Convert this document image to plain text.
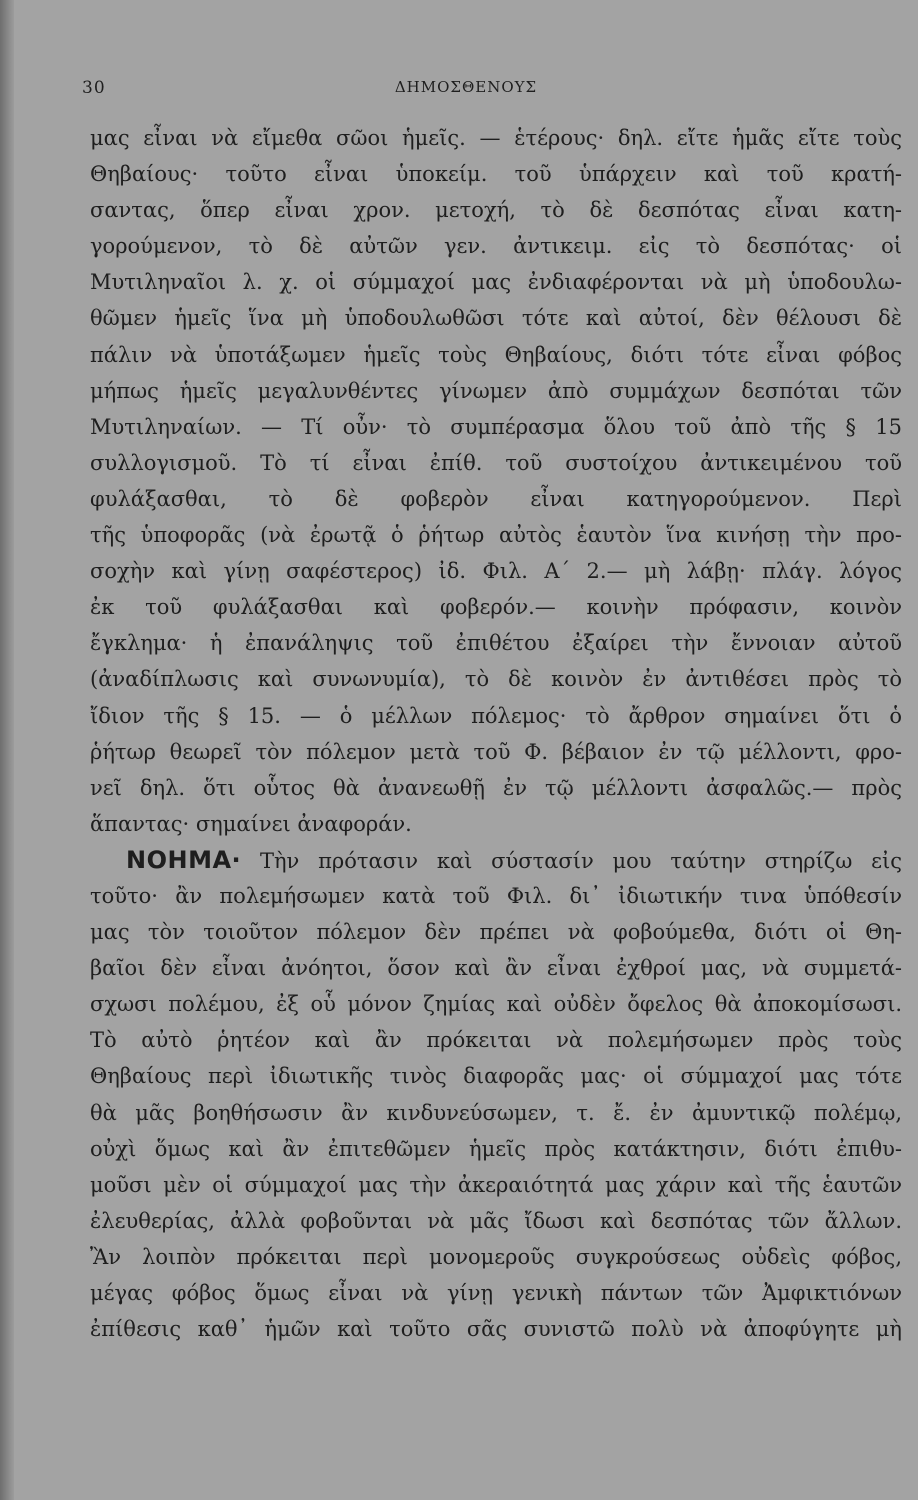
30	ΔΗΜΟΣΘΕΝΟΥΣ
μας εἶναι νὰ εἴμεθα σῶοι ἡμεῖς. — ἑτέρους· δηλ. εἴτε ἡμᾶς εἴτε τοὺς
Θηβαίους· τοῦτο εἶναι ὑποκείμ. τοῦ ὑπάρχειν καὶ τοῦ κρατή-
σαντας, ὅπερ εἶναι χρον. μετοχή, τὸ δὲ δεσπότας εἶναι κατη-
γορούμενον, τὸ δὲ αὐτῶν γεν. ἀντικειμ. εἰς τὸ δεσπότας· οἱ
Μυτιληναῖοι λ. χ. οἱ σύμμαχοί μας ἐνδιαφέρονται νὰ μὴ ὑποδουλω-
θῶμεν ἡμεῖς ἵνα μὴ ὑποδουλωθῶσι τότε καὶ αὐτοί, δὲν θέλουσι δὲ
πάλιν νὰ ὑποτάξωμεν ἡμεῖς τοὺς Θηβαίους, διότι τότε εἶναι φόβος
μήπως ἡμεῖς μεγαλυνθέντες γίνωμεν ἀπὸ συμμάχων δεσπόται τῶν
Μυτιληναίων. — Τί οὖν· τὸ συμπέρασμα ὅλου τοῦ ἀπὸ τῆς § 15
συλλογισμοῦ. Τὸ τί εἶναι ἐπίθ. τοῦ συστοίχου ἀντικειμένου τοῦ
φυλάξασθαι, τὸ δὲ φοβερὸν εἶναι κατηγορούμενον. Περὶ
τῆς ὑποφορᾶς (νὰ ἐρωτᾷ ὁ ῥήτωρ αὐτὸς ἑαυτὸν ἵνα κινήσῃ τὴν προ-
σοχὴν καὶ γίνῃ σαφέστερος) ἰδ. Φιλ. Α΄ 2.— μὴ λάβῃ· πλάγ. λόγος
ἐκ τοῦ φυλάξασθαι καὶ φοβερόν.— κοινὴν πρόφασιν, κοινὸν
ἔγκλημα· ἡ ἐπανάληψις τοῦ ἐπιθέτου ἐξαίρει τὴν ἔννοιαν αὐτοῦ
(ἀναδίπλωσις καὶ συνωνυμία), τὸ δὲ κοινὸν ἐν ἀντιθέσει πρὸς τὸ
ἴδιον τῆς § 15. — ὁ μέλλων πόλεμος· τὸ ἄρθρον σημαίνει ὅτι ὁ
ῥήτωρ θεωρεῖ τὸν πόλεμον μετὰ τοῦ Φ. βέβαιον ἐν τῷ μέλλοντι, φρο-
νεῖ δηλ. ὅτι οὗτος θὰ ἀνανεωθῇ ἐν τῷ μέλλοντι ἀσφαλῶς.— πρὸς
ἅπαντας· σημαίνει ἀναφοράν.
ΝΟΗΜΑ· Τὴν πρότασιν καὶ σύστασίν μου ταύτην στηρίζω εἰς
τοῦτο· ἂν πολεμήσωμεν κατὰ τοῦ Φιλ. δι᾽ ἰδιωτικήν τινα ὑπόθεσίν
μας τὸν τοιοῦτον πόλεμον δὲν πρέπει νὰ φοβούμεθα, διότι οἱ Θη-
βαῖοι δὲν εἶναι ἀνόητοι, ὅσον καὶ ἂν εἶναι ἐχθροί μας, νὰ συμμετά-
σχωσι πολέμου, ἐξ οὗ μόνον ζημίας καὶ οὐδὲν ὄφελος θὰ ἀποκομίσωσι.
Τὸ αὐτὸ ῥητέον καὶ ἂν πρόκειται νὰ πολεμήσωμεν πρὸς τοὺς
Θηβαίους περὶ ἰδιωτικῆς τινὸς διαφορᾶς μας· οἱ σύμμαχοί μας τότε
θὰ μᾶς βοηθήσωσιν ἂν κινδυνεύσωμεν, τ. ἔ. ἐν ἀμυντικῷ πολέμῳ,
οὐχὶ ὅμως καὶ ἂν ἐπιτεθῶμεν ἡμεῖς πρὸς κατάκτησιν, διότι ἐπιθυ-
μοῦσι μὲν οἱ σύμμαχοί μας τὴν ἀκεραιότητά μας χάριν καὶ τῆς ἑαυτῶν
ἐλευθερίας, ἀλλὰ φοβοῦνται νὰ μᾶς ἴδωσι καὶ δεσπότας τῶν ἄλλων.
Ἂν λοιπὸν πρόκειται περὶ μονομεροῦς συγκρούσεως οὐδεὶς φόβος,
μέγας φόβος ὅμως εἶναι νὰ γίνῃ γενικὴ πάντων τῶν Ἀμφικτιόνων
ἐπίθεσις καθ᾽ ἡμῶν καὶ τοῦτο σᾶς συνιστῶ πολὺ νὰ ἀποφύγητε μὴ
